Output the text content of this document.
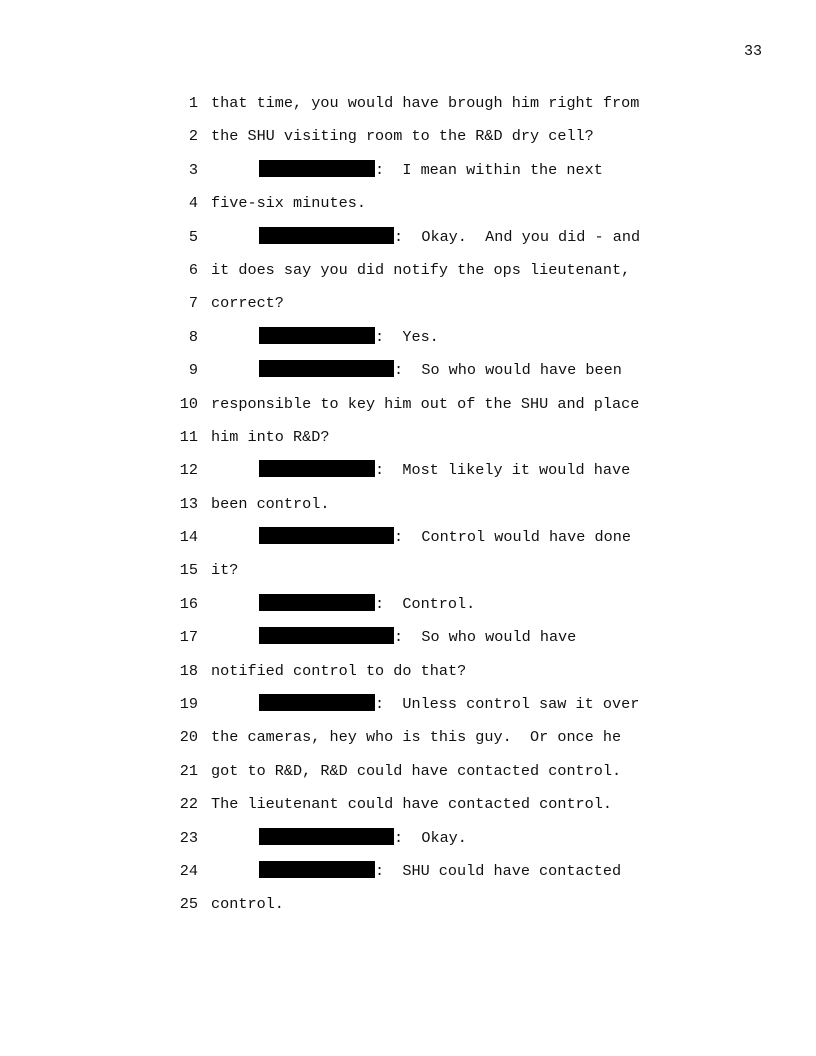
33
1 that time, you would have brough him right from
2 the SHU visiting room to the R&D dry cell?
3	:  I mean within the next
4 five-six minutes.
5	:  Okay.  And you did - and
6 it does say you did notify the ops lieutenant,
7 correct?
8	:  Yes.
9	:  So who would have been
10 responsible to key him out of the SHU and place
11 him into R&D?
12	:  Most likely it would have
13 been control.
14	:  Control would have done
15 it?
16	:  Control.
17	:  So who would have
18 notified control to do that?
19	:  Unless control saw it over
20 the cameras, hey who is this guy.  Or once he
21 got to R&D, R&D could have contacted control.
22 The lieutenant could have contacted control.
23	:  Okay.
24	:  SHU could have contacted
25 control.
